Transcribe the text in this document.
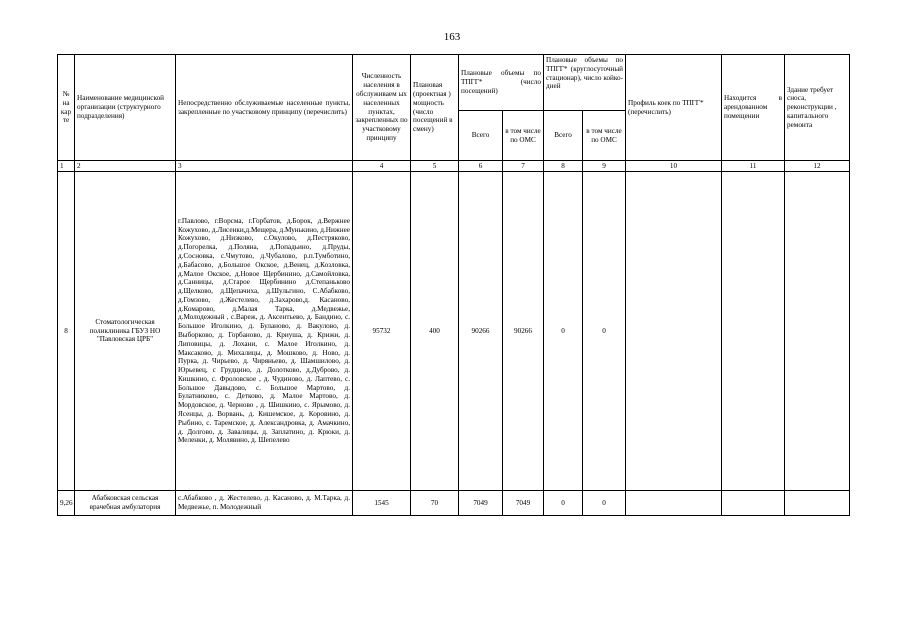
163
№ на кар те	Наименование медицинской организации (структурного подразделения)	Непосредственно обслуживаемые населенные пункты, закрепленные по участковому принципу (перечислить)	Численность населения в обслуживаем ых населенных пунктах, закрепленных по участковому принципу	Плановая (проектная ) мощность (число посещений в смену)	Плановые объемы по ТПГГ* (число посещений)		Плановые объемы по ТПГГ* (круглосуточный стационар), число койко-дней		Профиль коек по ТПГГ* (перечислить)	Находится в арендованном помещении	Здание требует сноса, реконструкции , капитального ремонта
					Всего	в том числе по ОМС	Всего	в том числе по ОМС			
1	2	3	4	5	6	7	8	9	10	11	12
8	Стоматологическая поликлиника ГБУЗ НО "Павловская ЦРБ"	г.Павлово, г.Ворсма, г.Горбатов, д.Борок, д.Вержнее Кожухово, д.Лисенки,д.Мещера, д.Мунькино, д.Нижнее Кожухово, д.Низково, с.Окулово, д.Пестряково, д.Погорелка, д.Поляна, д.Попадьино, д.Пруды, д.Сосновка, с.Чмутово, д.Чубалово, р.п.Тумботино, д.Бабасово, д.Большое Окское, д.Венец, д.Козловка, д.Малое Окское, д.Новое Щербинино, д.Самойловка, д.Санницы, д.Старое Щербинино д.Степаньково д.Щелково, д.Щепачиха, д.Шульгино, С.Абабково, д.Гомзово, д.Жестелево, д.Захарово,д. Касаново, д.Комарово, д.Малая Тарка, д.Медвежье, д.Молодежный , с.Вареж, д. Аксентьево, д. Бандино, с. Большое Иголкино, д. Буланово, д. Вакулово, д. Выборково, д. Горбаново, д. Криуша, д. Крижи, д. Липовицы, д. Лохани, с. Малое Иголкино, д. Максаково, д. Михалицы, д. Мошково, д. Ново, д. Пурка, д. Чирьево, д. Чиряньево, д. Шамшилово, д. Юрьевец, с Грудцино, д. Долотково, д.Дуброво, д. Кишкино, с. Фроловское , д. Чудиново, д. Лаптево, с. Большое Давыдово, с. Большое Мартово, д. Булатниково, с. Детково, д. Малое Мартово, д. Мордовское, д. Черново , д. Шишкино, с. Ярымово, д. Ясенцы, д. Ворвань, д. Кишемское, д. Коровино, д. Рыбино, с. Таремское, д. Александровка, д. Амачкино, д. Долгово, д. Завалицы, д. Заплатино, д. Крюки, д. Меленки, д. Молявино, д. Шепелево	95732	400	90266	90266	0	0			
9,26	Абабковская сельская врачебная амбулатория	с.Абабково , д. Жестелево, д. Касаново, д. М.Тарка, д. Медвежье, п. Молодежный	1545	70	7049	7049	0	0			
